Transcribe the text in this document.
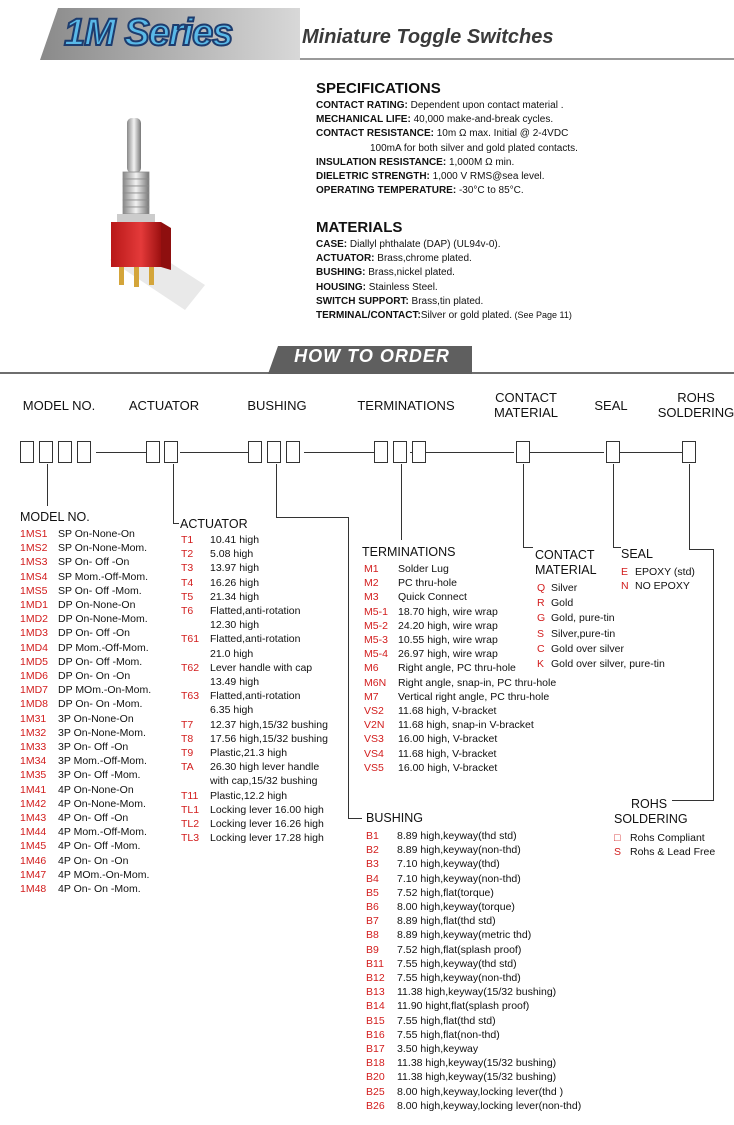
1M Series	Miniature Toggle Switches
SPECIFICATIONS
CONTACT RATING: Dependent upon contact material .
MECHANICAL LIFE: 40,000 make-and-break cycles.
CONTACT RESISTANCE: 10m Ω max. Initial @ 2-4VDC
100mA for both silver and gold plated contacts.
INSULATION RESISTANCE: 1,000M Ω min.
DIELETRIC STRENGTH: 1,000 V RMS@sea level.
OPERATING TEMPERATURE: -30°C to 85°C.
MATERIALS
CASE: Diallyl phthalate (DAP) (UL94v-0).
ACTUATOR: Brass,chrome plated.
BUSHING: Brass,nickel plated.
HOUSING: Stainless Steel.
SWITCH SUPPORT: Brass,tin plated.
TERMINAL/CONTACT:Silver or gold plated. (See Page 11)
HOW TO ORDER
MODEL NO.	ACTUATOR	BUSHING	TERMINATIONS
CONTACT
MATERIAL	SEAL
ROHS
SOLDERING
MODEL NO.
1MS1 SP On-None-On
1MS2 SP On-None-Mom.
1MS3 SP On- Off -On
1MS4 SP Mom.-Off-Mom.
1MS5 SP On- Off -Mom.
1MD1 DP On-None-On
1MD2 DP On-None-Mom.
1MD3 DP On- Off -On
1MD4 DP Mom.-Off-Mom.
1MD5 DP On- Off -Mom.
1MD6 DP On- On -On
1MD7 DP MOm.-On-Mom.
1MD8 DP On- On -Mom.
1M31 3P On-None-On
1M32 3P On-None-Mom.
1M33 3P On- Off -On
1M34 3P Mom.-Off-Mom.
1M35 3P On- Off -Mom.
1M41 4P On-None-On
1M42 4P On-None-Mom.
1M43 4P On- Off -On
1M44 4P Mom.-Off-Mom.
1M45 4P On- Off -Mom.
1M46 4P On- On -On
1M47 4P MOm.-On-Mom.
1M48 4P On- On -Mom.
ACTUATOR
T1 10.41 high
T2 5.08 high
T3 13.97 high
T4 16.26 high
T5 21.34 high
T6 Flatted,anti-rotation
12.30 high
T61 Flatted,anti-rotation
21.0 high
T62 Lever handle with cap
13.49 high
T63 Flatted,anti-rotation
6.35 high
T7 12.37 high,15/32 bushing
T8 17.56 high,15/32 bushing
T9 Plastic,21.3 high
TA 26.30 high lever handle
with cap,15/32 bushing
T11 Plastic,12.2 high
TL1 Locking lever 16.00 high
TL2 Locking lever 16.26 high
TL3 Locking lever 17.28 high
TERMINATIONS
M1 Solder Lug
M2 PC thru-hole
M3 Quick Connect
M5-1 18.70 high, wire wrap
M5-2 24.20 high, wire wrap
M5-3 10.55 high, wire wrap
M5-4 26.97 high, wire wrap
M6 Right angle, PC thru-hole
M6N Right angle, snap-in, PC thru-hole
M7 Vertical right angle, PC thru-hole
VS2 11.68 high, V-bracket
V2N 11.68 high, snap-in V-bracket
VS3 16.00 high, V-bracket
VS4 11.68 high, V-bracket
VS5 16.00 high, V-bracket
CONTACT
MATERIAL
Q Silver
R Gold
G Gold, pure-tin
S Silver,pure-tin
C Gold over silver
K Gold over silver, pure-tin
SEAL
E EPOXY (std)
N NO EPOXY
ROHS
SOLDERING
□ Rohs Compliant
S Rohs & Lead Free
BUSHING
B1 8.89 high,keyway(thd std)
B2 8.89 high,keyway(non-thd)
B3 7.10 high,keyway(thd)
B4 7.10 high,keyway(non-thd)
B5 7.52 high,flat(torque)
B6 8.00 high,keyway(torque)
B7 8.89 high,flat(thd std)
B8 8.89 high,keyway(metric thd)
B9 7.52 high,flat(splash proof)
B11 7.55 high,keyway(thd std)
B12 7.55 high,keyway(non-thd)
B13 11.38 high,keyway(15/32 bushing)
B14 11.90 hight,flat(splash proof)
B15 7.55 high,flat(thd std)
B16 7.55 high,flat(non-thd)
B17 3.50 high,keyway
B18 11.38 high,keyway(15/32 bushing)
B20 11.38 high,keyway(15/32 bushing)
B25 8.00 high,keyway,locking lever(thd )
B26 8.00 high,keyway,locking lever(non-thd)
